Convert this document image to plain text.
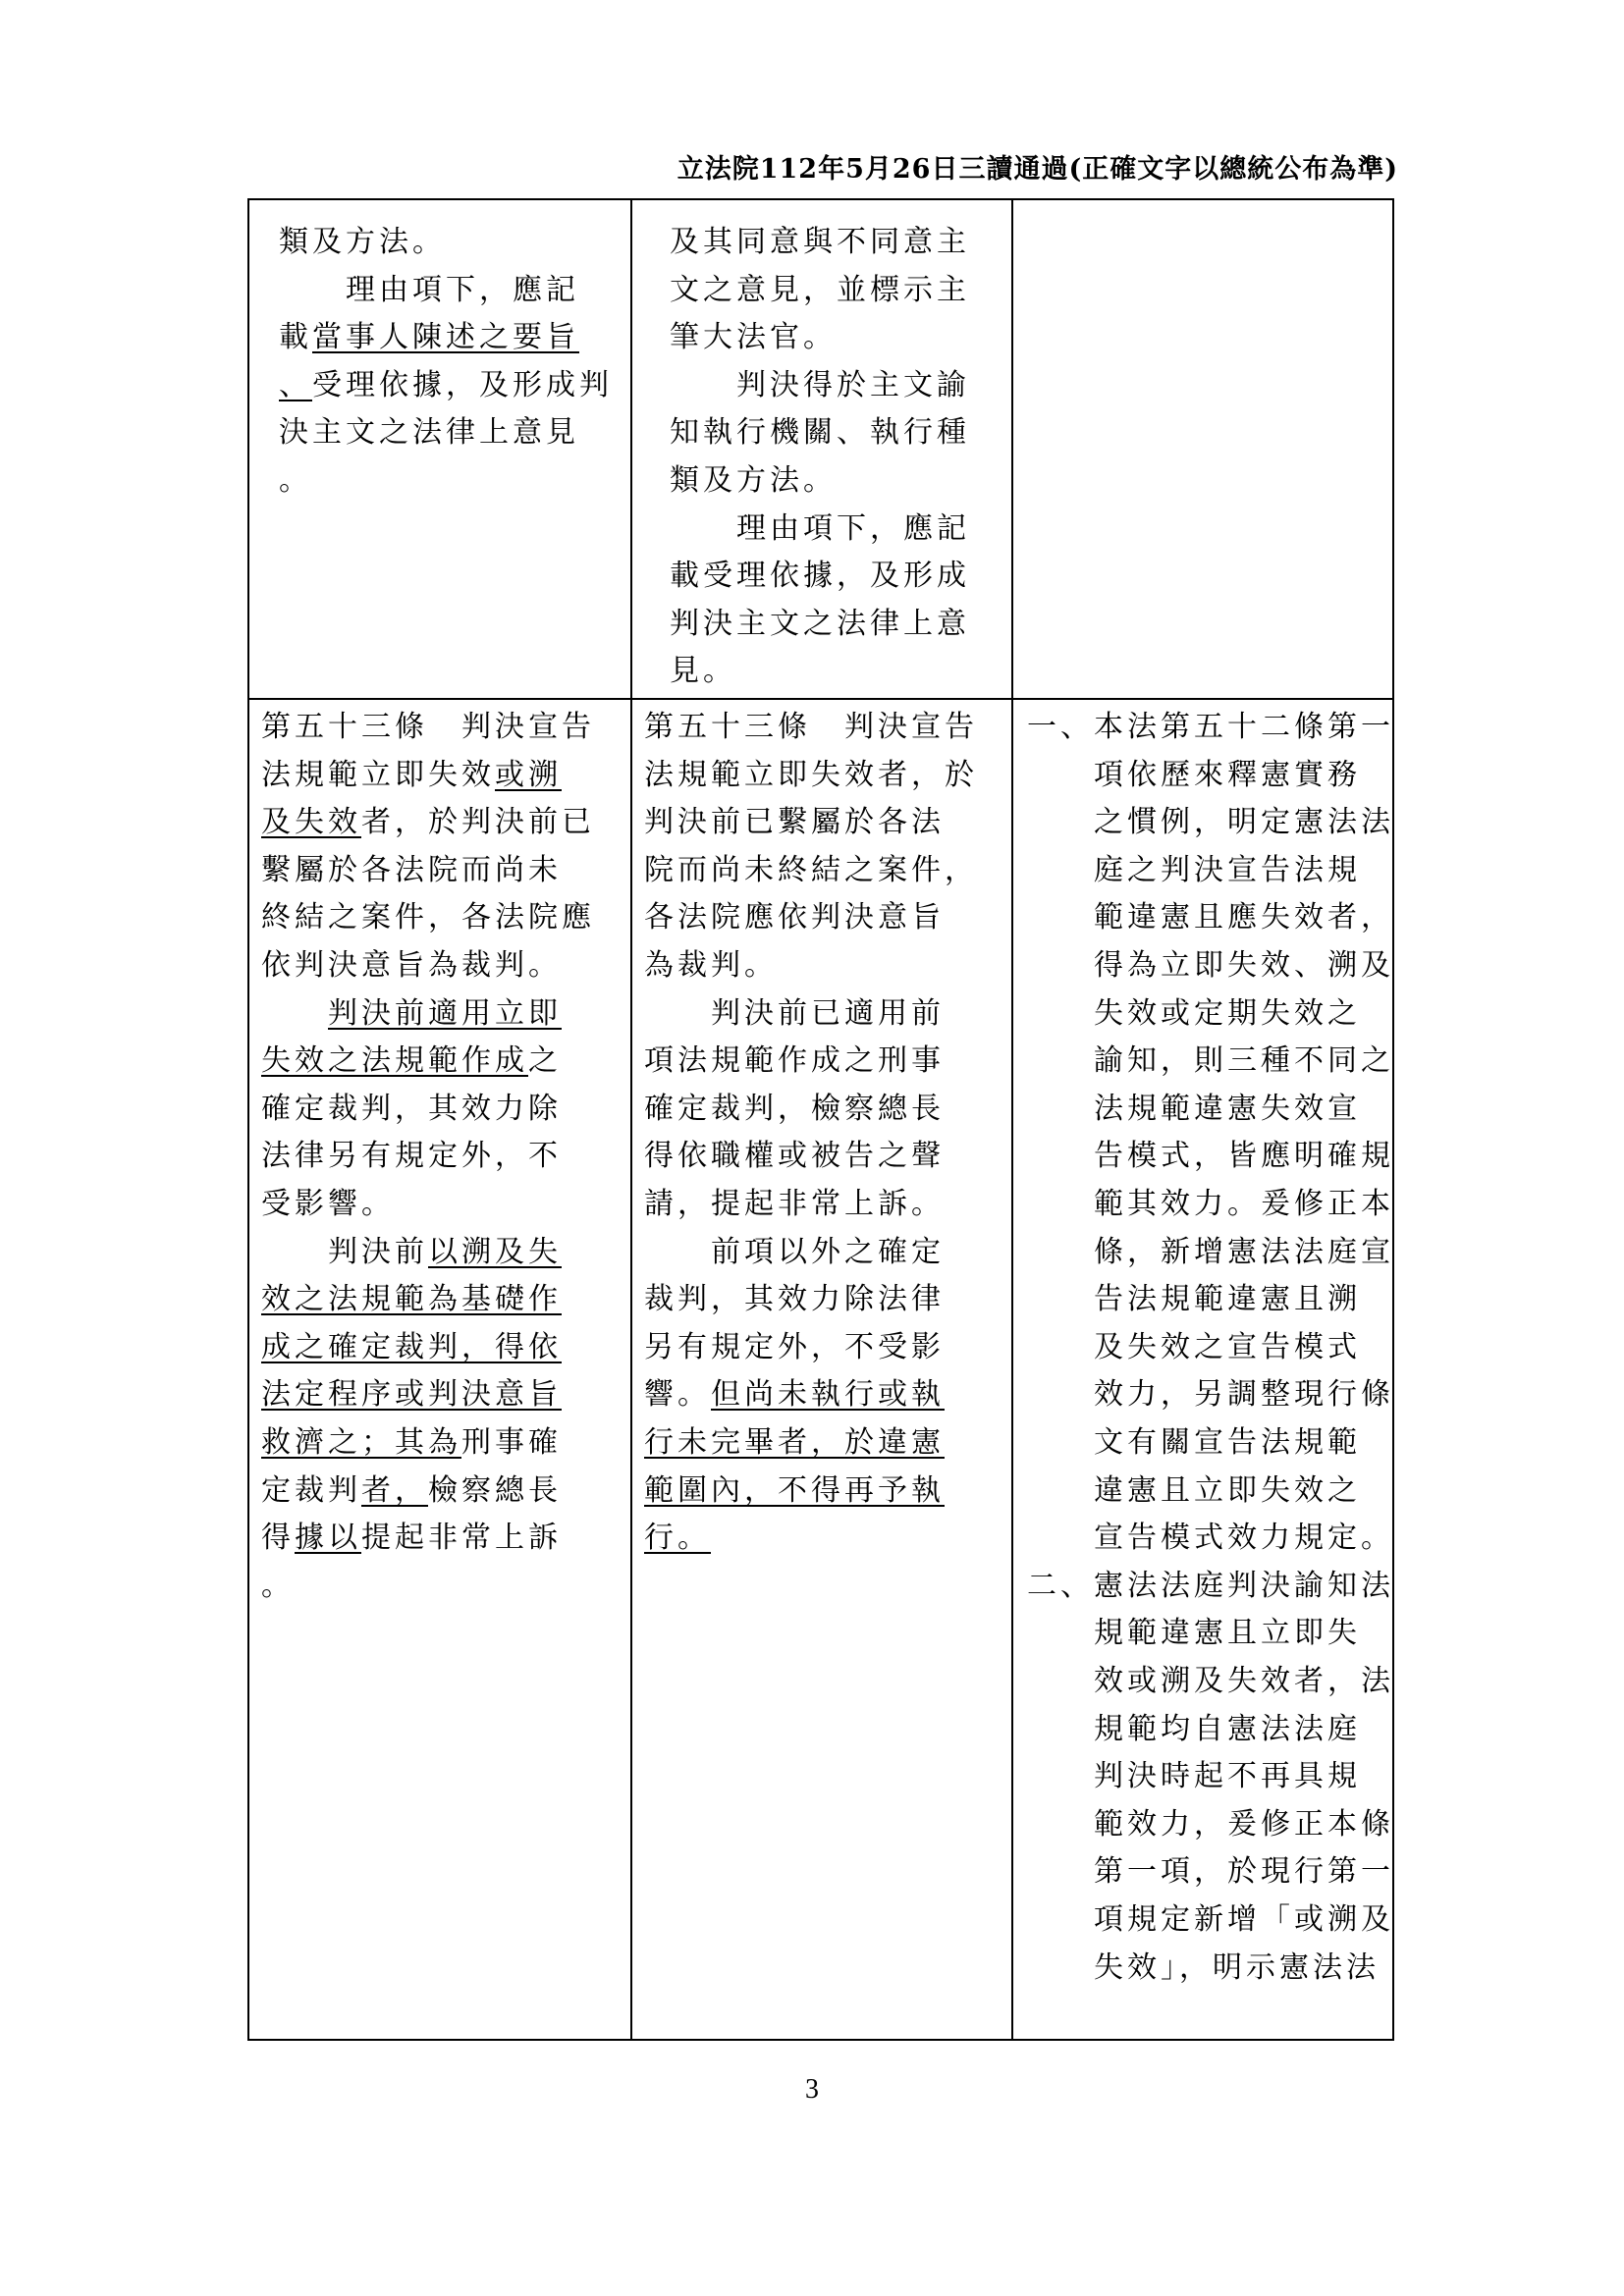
立法院112年5月26日三讀通過(正確文字以總統公布為準)
類及方法。
　　理由項下，應記
載當事人陳述之要旨
、受理依據，及形成判
決主文之法律上意見
。
及其同意與不同意主
文之意見，並標示主
筆大法官。
　　判決得於主文諭
知執行機關、執行種
類及方法。
　　理由項下，應記
載受理依據，及形成
判決主文之法律上意
見。
第五十三條　判決宣告
法規範立即失效或溯
及失效者，於判決前已
繫屬於各法院而尚未
終結之案件，各法院應
依判決意旨為裁判。
　　判決前適用立即
失效之法規範作成之
確定裁判，其效力除
法律另有規定外，不
受影響。
　　判決前以溯及失
效之法規範為基礎作
成之確定裁判，得依
法定程序或判決意旨
救濟之；其為刑事確
定裁判者，檢察總長
得據以提起非常上訴
。
第五十三條　判決宣告
法規範立即失效者，於
判決前已繫屬於各法
院而尚未終結之案件，
各法院應依判決意旨
為裁判。
　　判決前已適用前
項法規範作成之刑事
確定裁判，檢察總長
得依職權或被告之聲
請，提起非常上訴。
　　前項以外之確定
裁判，其效力除法律
另有規定外，不受影
響。但尚未執行或執
行未完畢者，於違憲
範圍內，不得再予執
行。
一、本法第五十二條第一
　　項依歷來釋憲實務
　　之慣例，明定憲法法
　　庭之判決宣告法規
　　範違憲且應失效者，
　　得為立即失效、溯及
　　失效或定期失效之
　　諭知，則三種不同之
　　法規範違憲失效宣
　　告模式，皆應明確規
　　範其效力。爰修正本
　　條，新增憲法法庭宣
　　告法規範違憲且溯
　　及失效之宣告模式
　　效力，另調整現行條
　　文有關宣告法規範
　　違憲且立即失效之
　　宣告模式效力規定。
二、憲法法庭判決諭知法
　　規範違憲且立即失
　　效或溯及失效者，法
　　規範均自憲法法庭
　　判決時起不再具規
　　範效力，爰修正本條
　　第一項，於現行第一
　　項規定新增「或溯及
　　失效」，明示憲法法
3
